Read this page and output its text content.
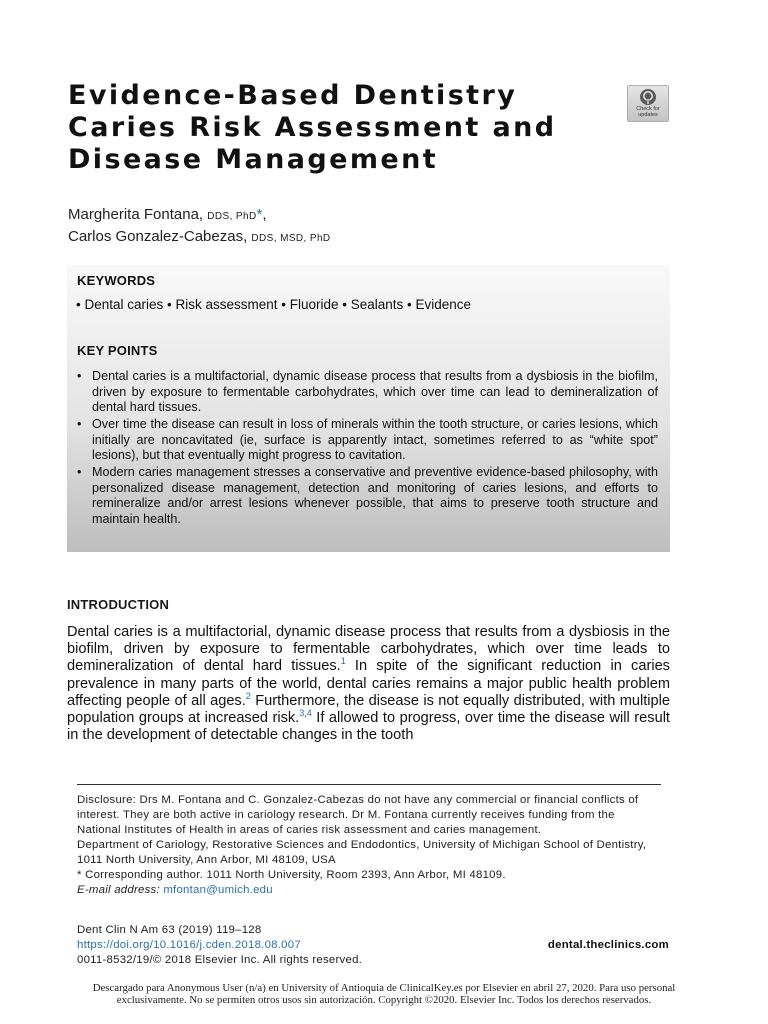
Evidence-Based Dentistry
Caries Risk Assessment and
Disease Management
Check for
updates
Margherita Fontana, DDS, PhD*,
Carlos Gonzalez-Cabezas, DDS, MSD, PhD
KEYWORDS
• Dental caries • Risk assessment • Fluoride • Sealants • Evidence
KEY POINTS
• Dental caries is a multifactorial, dynamic disease process that results from a dysbiosis in the biofilm, driven by exposure to fermentable carbohydrates, which over time can lead to demineralization of dental hard tissues.
• Over time the disease can result in loss of minerals within the tooth structure, or caries lesions, which initially are noncavitated (ie, surface is apparently intact, sometimes referred to as “white spot” lesions), but that eventually might progress to cavitation.
• Modern caries management stresses a conservative and preventive evidence-based philosophy, with personalized disease management, detection and monitoring of caries lesions, and efforts to remineralize and/or arrest lesions whenever possible, that aims to preserve tooth structure and maintain health.
INTRODUCTION
Dental caries is a multifactorial, dynamic disease process that results from a dysbiosis in the biofilm, driven by exposure to fermentable carbohydrates, which over time leads to demineralization of dental hard tissues.$^1$ In spite of the significant reduction in caries prevalence in many parts of the world, dental caries remains a major public health problem affecting people of all ages.$^2$ Furthermore, the disease is not equally distributed, with multiple population groups at increased risk.$^{3,4}$ If allowed to progress, over time the disease will result in the development of detectable changes in the tooth

Disclosure: Drs M. Fontana and C. Gonzalez-Cabezas do not have any commercial or financial conflicts of interest. They are both active in cariology research. Dr M. Fontana currently receives funding from the National Institutes of Health in areas of caries risk assessment and caries management.

Department of Cariology, Restorative Sciences and Endodontics, University of Michigan School of Dentistry, 1011 North University, Ann Arbor, MI 48109, USA

* Corresponding author. 1011 North University, Room 2393, Ann Arbor, MI 48109.

E-mail address: mfontan@umich.edu

Dent Clin N Am 63 (2019) 119–128
https://doi.org/10.1016/j.cden.2018.08.007
0011-8532/19/© 2018 Elsevier Inc. All rights reserved.
dental.theclinics.com
Descargado para Anonymous User (n/a) en University of Antioquia de ClinicalKey.es por Elsevier en abril 27, 2020. Para uso personal
exclusivamente. No se permiten otros usos sin autorización. Copyright ©2020. Elsevier Inc. Todos los derechos reservados.
